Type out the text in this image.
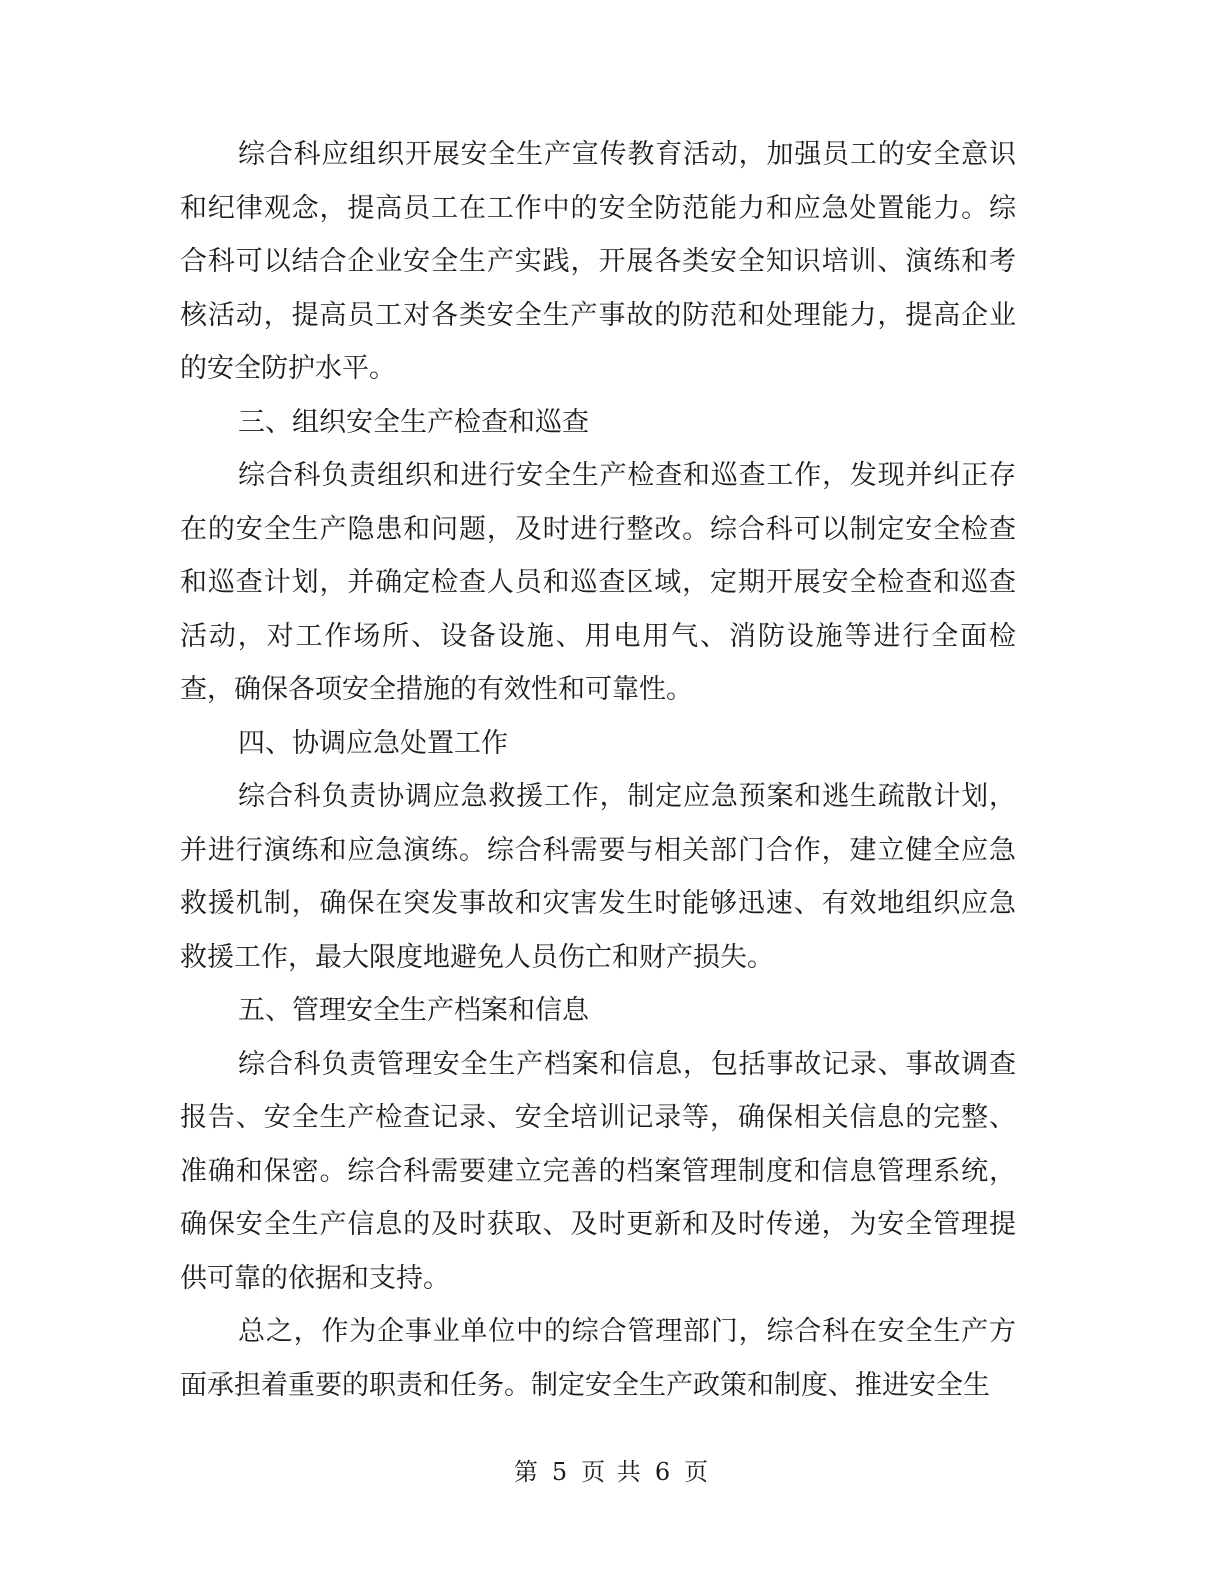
综合科应组织开展安全生产宣传教育活动，加强员工的安全意识和纪律观念，提高员工在工作中的安全防范能力和应急处置能力。综合科可以结合企业安全生产实践，开展各类安全知识培训、演练和考核活动，提高员工对各类安全生产事故的防范和处理能力，提高企业的安全防护水平。

三、组织安全生产检查和巡查

综合科负责组织和进行安全生产检查和巡查工作，发现并纠正存在的安全生产隐患和问题，及时进行整改。综合科可以制定安全检查和巡查计划，并确定检查人员和巡查区域，定期开展安全检查和巡查活动，对工作场所、设备设施、用电用气、消防设施等进行全面检查，确保各项安全措施的有效性和可靠性。

四、协调应急处置工作

综合科负责协调应急救援工作，制定应急预案和逃生疏散计划，并进行演练和应急演练。综合科需要与相关部门合作，建立健全应急救援机制，确保在突发事故和灾害发生时能够迅速、有效地组织应急救援工作，最大限度地避免人员伤亡和财产损失。

五、管理安全生产档案和信息

综合科负责管理安全生产档案和信息，包括事故记录、事故调查报告、安全生产检查记录、安全培训记录等，确保相关信息的完整、准确和保密。综合科需要建立完善的档案管理制度和信息管理系统，确保安全生产信息的及时获取、及时更新和及时传递，为安全管理提供可靠的依据和支持。

总之，作为企事业单位中的综合管理部门，综合科在安全生产方面承担着重要的职责和任务。制定安全生产政策和制度、推进安全生

第 5 页 共 6 页
